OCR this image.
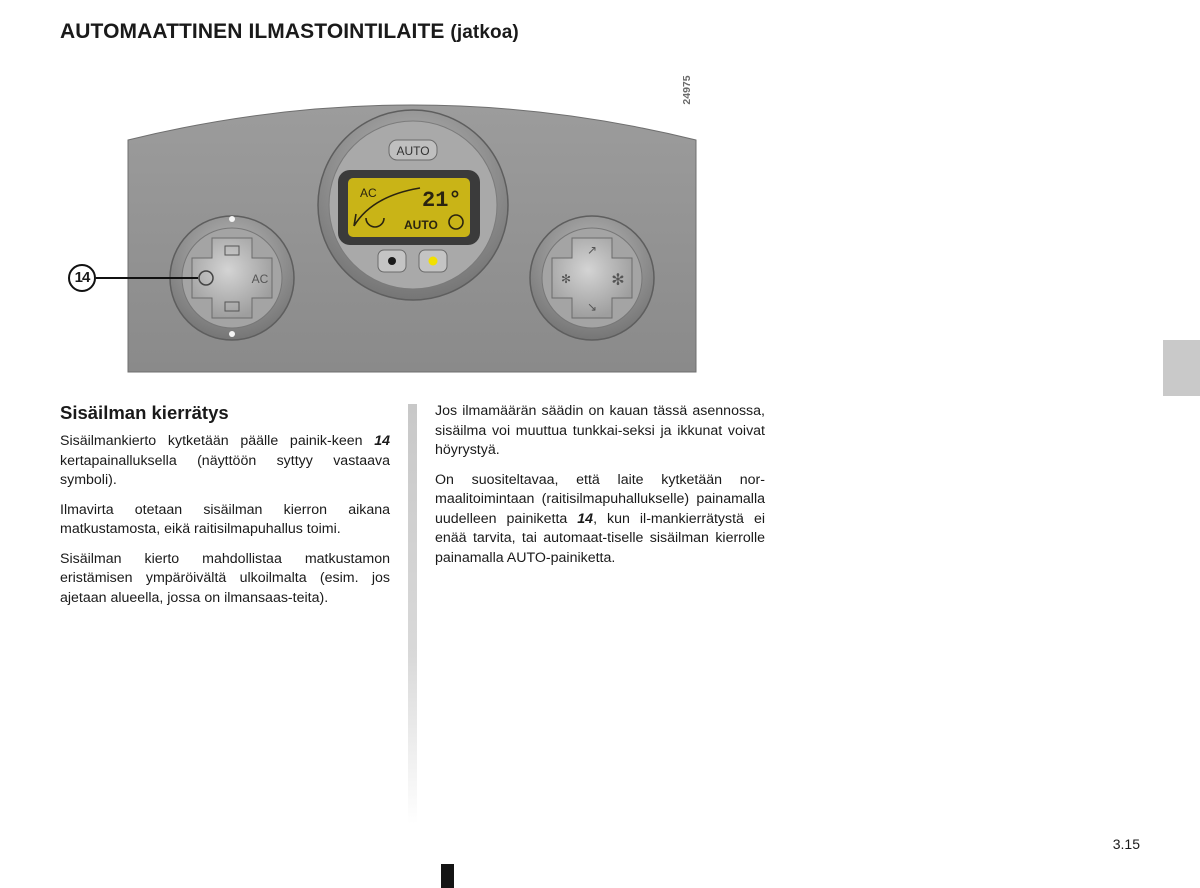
AUTOMAATTINEN ILMASTOINTILAITE (jatkoa)
24975
AUTO
AC 21°
AUTO
AC	✻	✻
↗
↘
14
Sisäilman kierrätys

Sisäilmankierto kytketään päälle painik-keen 14 kertapainalluksella (näyttöön syttyy vastaava symboli).

Ilmavirta otetaan sisäilman kierron aikana matkustamosta, eikä raitisilmapuhallus toimi.

Sisäilman kierto mahdollistaa matkustamon eristämisen ympäröivältä ulkoilmalta (esim. jos ajetaan alueella, jossa on ilmansaas-teita).

Jos ilmamäärän säädin on kauan tässä asennossa, sisäilma voi muuttua tunkkai-seksi ja ikkunat voivat höyrystyä.

On suositeltavaa, että laite kytketään nor-maalitoimintaan (raitisilmapuhallukselle) painamalla uudelleen painiketta 14, kun il-mankierrätystä ei enää tarvita, tai automaat-tiselle sisäilman kierrolle painamalla AUTO-painiketta.

3.15
